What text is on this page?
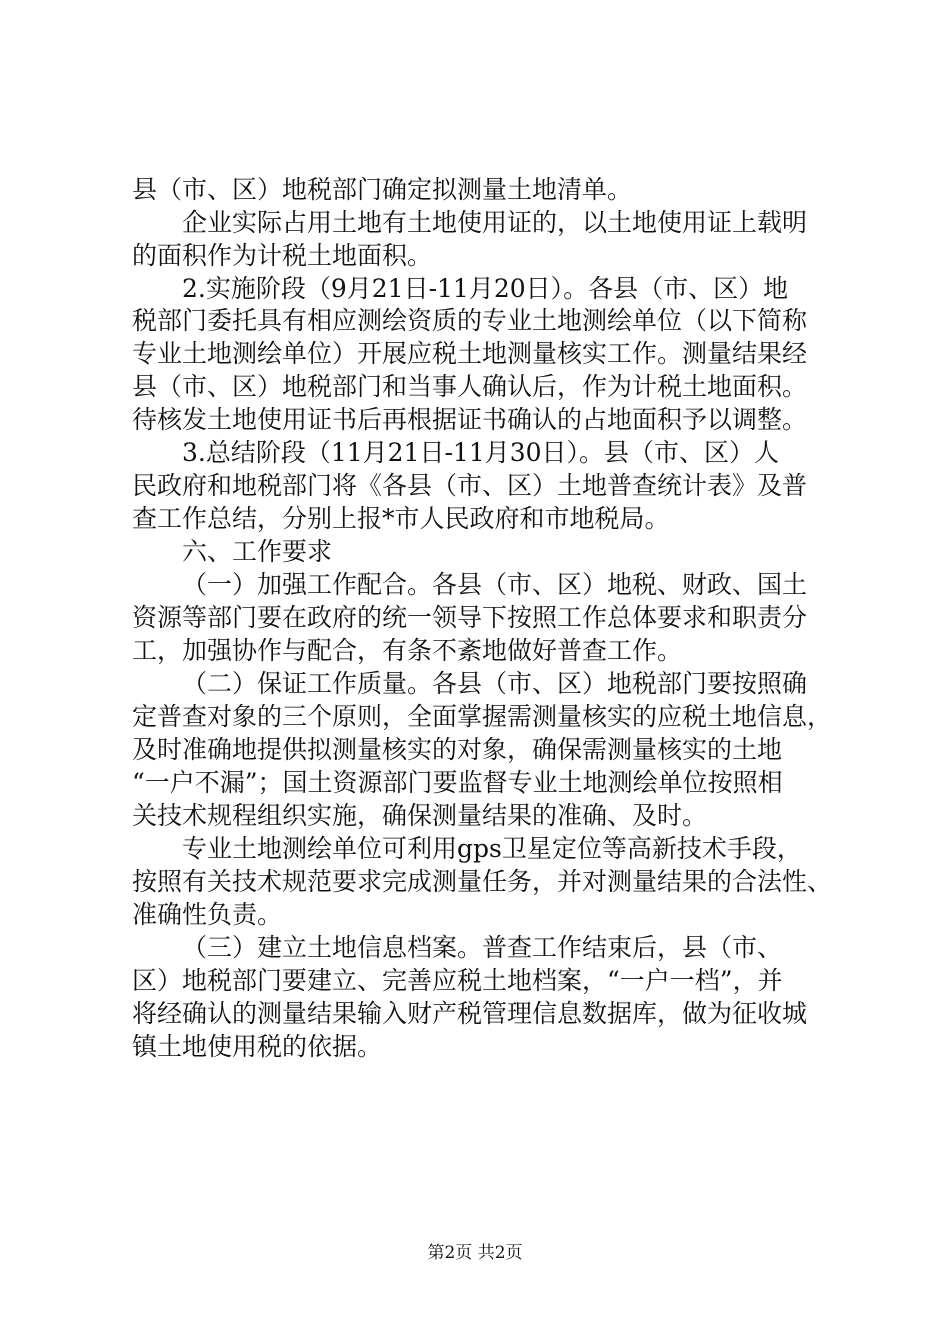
县（市、区）地税部门确定拟测量土地清单。
企业实际占用土地有土地使用证的，以土地使用证上载明
的面积作为计税土地面积。
2.实施阶段（9月21日-11月20日）。各县（市、区）地
税部门委托具有相应测绘资质的专业土地测绘单位（以下简称
专业土地测绘单位）开展应税土地测量核实工作。测量结果经
县（市、区）地税部门和当事人确认后，作为计税土地面积。
待核发土地使用证书后再根据证书确认的占地面积予以调整。
3.总结阶段（11月21日-11月30日）。县（市、区）人
民政府和地税部门将《各县（市、区）土地普查统计表》及普
查工作总结，分别上报*市人民政府和市地税局。
六、工作要求
（一）加强工作配合。各县（市、区）地税、财政、国土
资源等部门要在政府的统一领导下按照工作总体要求和职责分
工，加强协作与配合，有条不紊地做好普查工作。
（二）保证工作质量。各县（市、区）地税部门要按照确
定普查对象的三个原则，全面掌握需测量核实的应税土地信息，
及时准确地提供拟测量核实的对象，确保需测量核实的土地
“一户不漏”；国土资源部门要监督专业土地测绘单位按照相
关技术规程组织实施，确保测量结果的准确、及时。
专业土地测绘单位可利用gps卫星定位等高新技术手段，
按照有关技术规范要求完成测量任务，并对测量结果的合法性、
准确性负责。
（三）建立土地信息档案。普查工作结束后，县（市、
区）地税部门要建立、完善应税土地档案，“一户一档”，并
将经确认的测量结果输入财产税管理信息数据库，做为征收城
镇土地使用税的依据。
第2页 共2页
